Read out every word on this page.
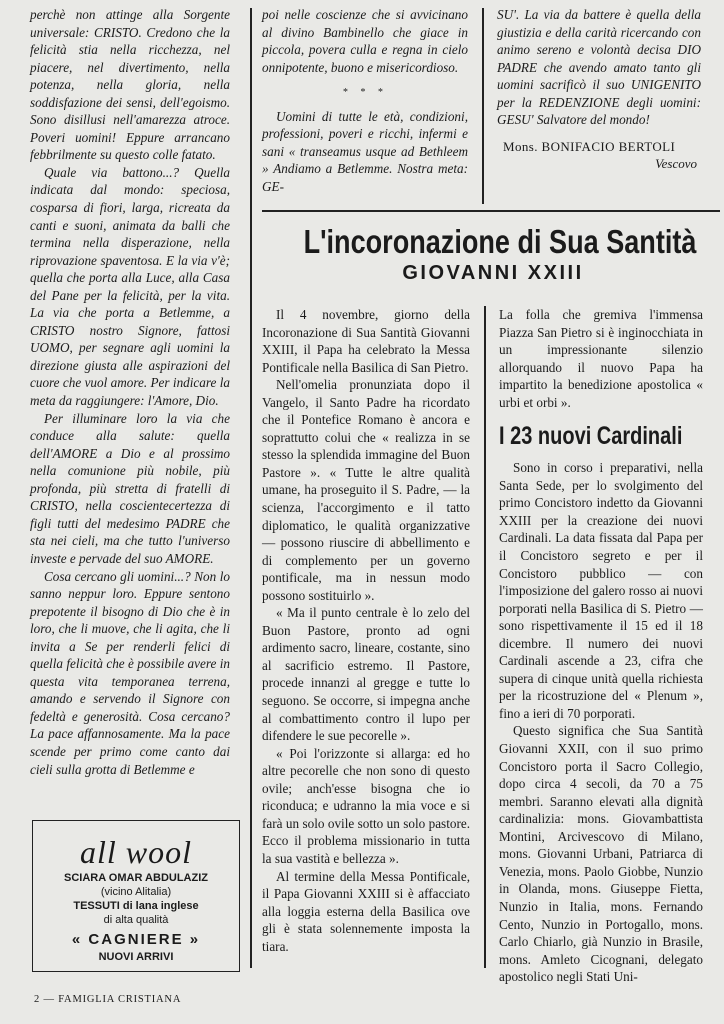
perchè non attinge alla Sorgente universale: CRISTO. Credono che la felicità stia nella ricchezza, nel piacere, nel divertimento, nella potenza, nella gloria, nella soddisfazione dei sensi, dell'egoismo. Sono disillusi nell'amarezza atroce. Poveri uomini! Eppure arrancano febbrilmente su questo colle fatato.

Quale via battono...? Quella indicata dal mondo: speciosa, cosparsa di fiori, larga, ricreata da canti e suoni, animata da balli che termina nella disperazione, nella riprovazione spaventosa. E la via v'è; quella che porta alla Luce, alla Casa del Pane per la felicità, per la vita. La via che porta a Betlemme, a CRISTO nostro Signore, fattosi UOMO, per segnare agli uomini la direzione giusta alle aspirazioni del cuore che vuol amore. Per indicare la meta da raggiungere: l'Amore, Dio.

Per illuminare loro la via che conduce alla salute: quella dell'AMORE a Dio e al prossimo nella comunione più nobile, più profonda, più stretta di fratelli di CRISTO, nella coscientecertezza di figli tutti del medesimo PADRE che sta nei cieli, ma che tutto l'universo investe e pervade del suo AMORE.

Cosa cercano gli uomini...? Non lo sanno neppur loro. Eppure sentono prepotente il bisogno di Dio che è in loro, che li muove, che li agita, che li invita a Se per renderli felici di quella felicità che è possibile avere in questa vita temporanea terrena, amando e servendo il Signore con fedeltà e generosità. Cosa cercano? La pace affannosamente. Ma la pace scende per primo come canto dai cieli sulla grotta di Betlemme e

poi nelle coscienze che si avvicinano al divino Bambinello che giace in piccola, povera culla e regna in cielo onnipotente, buono e misericordioso.

* * *

Uomini di tutte le età, condizioni, professioni, poveri e ricchi, infermi e sani « transeamus usque ad Bethleem » Andiamo a Betlemme. Nostra meta: GE-

SU'. La via da battere è quella della giustizia e della carità ricercando con animo sereno e volontà decisa DIO PADRE che avendo amato tanto gli uomini sacrificò il suo UNIGENITO per la REDENZIONE degli uomini: GESU' Salvatore del mondo!

Mons. BONIFACIO BERTOLI
Vescovo
L'incoronazione di Sua Santità
GIOVANNI XXIII

Il 4 novembre, giorno della Incoronazione di Sua Santità Giovanni XXIII, il Papa ha celebrato la Messa Pontificale nella Basilica di San Pietro.

Nell'omelia pronunziata dopo il Vangelo, il Santo Padre ha ricordato che il Pontefice Romano è ancora e soprattutto colui che « realizza in se stesso la splendida immagine del Buon Pastore ». « Tutte le altre qualità umane, ha proseguito il S. Padre, — la scienza, l'accorgimento e il tatto diplomatico, le qualità organizzative — possono riuscire di abbellimento e di complemento per un governo pontificale, ma in nessun modo possono sostituirlo ».

« Ma il punto centrale è lo zelo del Buon Pastore, pronto ad ogni ardimento sacro, lineare, costante, sino al sacrificio estremo. Il Pastore, procede innanzi al gregge e tutte lo seguono. Se occorre, si impegna anche al combattimento contro il lupo per difendere le sue pecorelle ».

« Poi l'orizzonte si allarga: ed ho altre pecorelle che non sono di questo ovile; anch'esse bisogna che io riconduca; e udranno la mia voce e si farà un solo ovile sotto un solo pastore. Ecco il problema missionario in tutta la sua vastità e bellezza ».

Al termine della Messa Pontificale, il Papa Giovanni XXIII si è affacciato alla loggia esterna della Basilica ove gli è stata solennemente imposta la tiara.

La folla che gremiva l'immensa Piazza San Pietro si è inginocchiata in un impressionante silenzio allorquando il nuovo Papa ha impartito la benedizione apostolica « urbi et orbi ».

I 23 nuovi Cardinali

Sono in corso i preparativi, nella Santa Sede, per lo svolgimento del primo Concistoro indetto da Giovanni XXIII per la creazione dei nuovi Cardinali. La data fissata dal Papa per il Concistoro segreto e per il Concistoro pubblico — con l'imposizione del galero rosso ai nuovi porporati nella Basilica di S. Pietro — sono rispettivamente il 15 ed il 18 dicembre. Il numero dei nuovi Cardinali ascende a 23, cifra che supera di cinque unità quella richiesta per la ricostruzione del « Plenum », fino a ieri di 70 porporati.

Questo significa che Sua Santità Giovanni XXII, con il suo primo Concistoro porta il Sacro Collegio, dopo circa 4 secoli, da 70 a 75 membri. Saranno elevati alla dignità cardinalizia: mons. Giovambattista Montini, Arcivescovo di Milano, mons. Giovanni Urbani, Patriarca di Venezia, mons. Paolo Giobbe, Nunzio in Olanda, mons. Giuseppe Fietta, Nunzio in Italia, mons. Fernando Cento, Nunzio in Portogallo, mons. Carlo Chiarlo, già Nunzio in Brasile, mons. Amleto Cicognani, delegato apostolico negli Stati Uni-

all wool
SCIARA OMAR ABDULAZIZ
(vicino Alitalia)
TESSUTI di lana inglese
di alta qualità
« CAGNIERE »
NUOVI ARRIVI
2 — FAMIGLIA CRISTIANA
